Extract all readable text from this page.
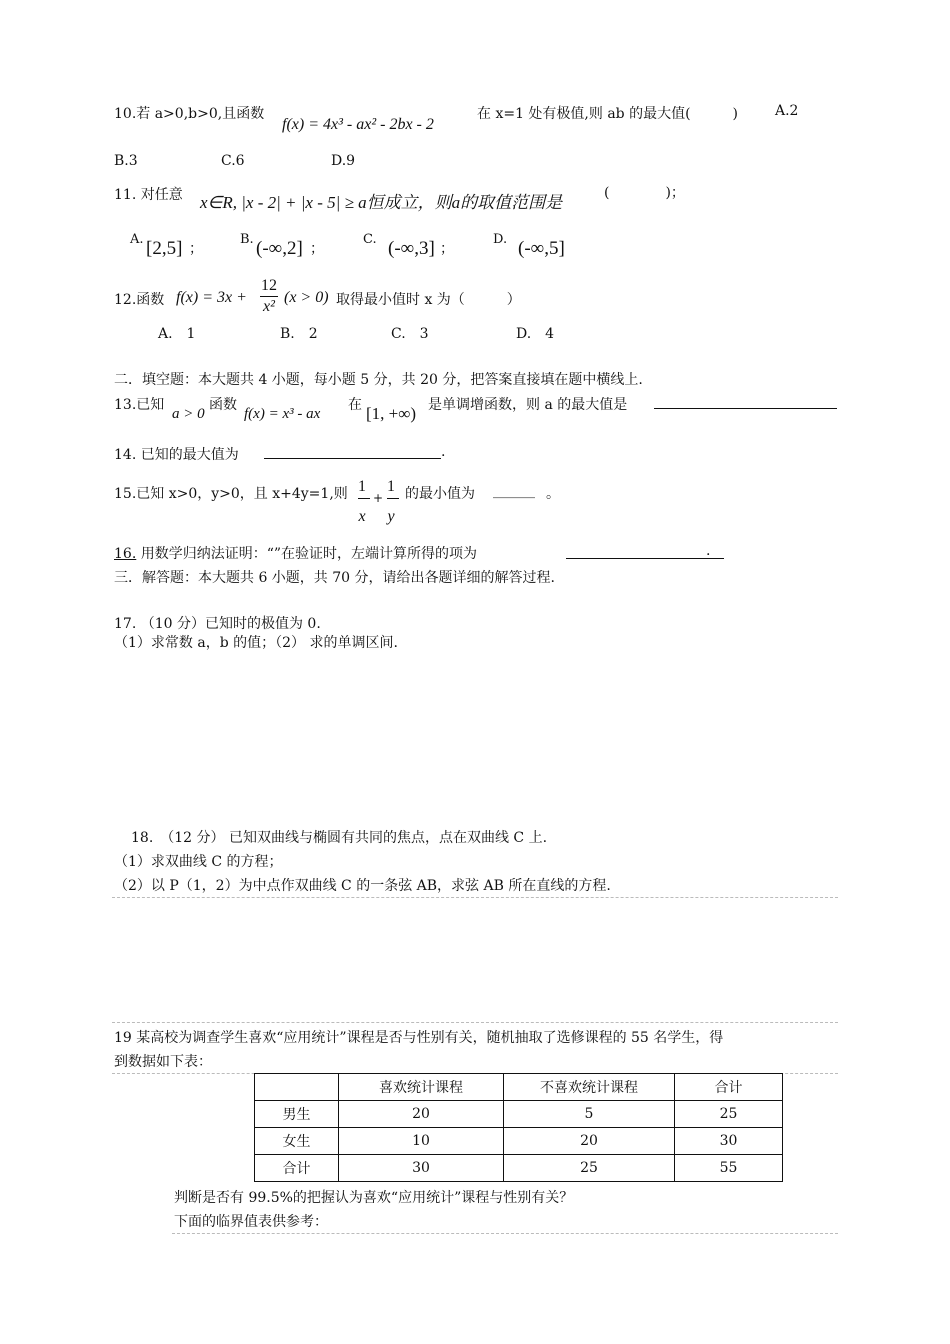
10.若 a>0,b>0,且函数
f(x) = 4x³ - ax² - 2bx - 2
在 x=1 处有极值,则 ab 的最大值(　　　)	A.2
B.3	C.6	D.9
11. 对任意 x∈R, |x - 2| + |x - 5| ≥ a恒成立，则a的取值范围是	(　　　　)；
A. [2,5] ；
B. (-∞,2] ；
C. (-∞,3] ；
D. (-∞,5]
12.函数 $f(x) = 3x + \frac{12}{\text{x²}} (x > 0)$ 取得最小值时 x 为（　　　）
A.　1	B.　2	C.　3	D.　4
二．填空题：本大题共 4 小题，每小题 5 分，共 20 分，把答案直接填在题中横线上.
13.已知
a > 0
函数
f(x) = x³ - ax
在 [1, +∞) 是单调增函数，则 a 的最大值是
14. 已知的最大值为	.
15.已知 x>0，y>0，且 x+4y=1,则 1
x
+
1
y
的最小值为 ______ 。
16. 用数学归纳法证明：“”在验证时，左端计算所得的项为	.
三．解答题：本大题共 6 小题，共 70 分，请给出各题详细的解答过程.
17. （10 分）已知时的极值为 0.
（1）求常数 a，b 的值；（2） 求的单调区间.
18.　（12 分） 已知双曲线与椭圆有共同的焦点，点在双曲线 C 上.
（1）求双曲线 C 的方程；
（2）以 P（1，2）为中点作双曲线 C 的一条弦 AB，求弦 AB 所在直线的方程.
19 某高校为调查学生喜欢“应用统计”课程是否与性别有关，随机抽取了选修课程的 55 名学生，得
到数据如下表：
	喜欢统计课程	不喜欢统计课程	合计
男生	20	5	25
女生	10	20	30
合计	30	25	55
判断是否有 99.5%的把握认为喜欢“应用统计”课程与性别有关？
下面的临界值表供参考：
